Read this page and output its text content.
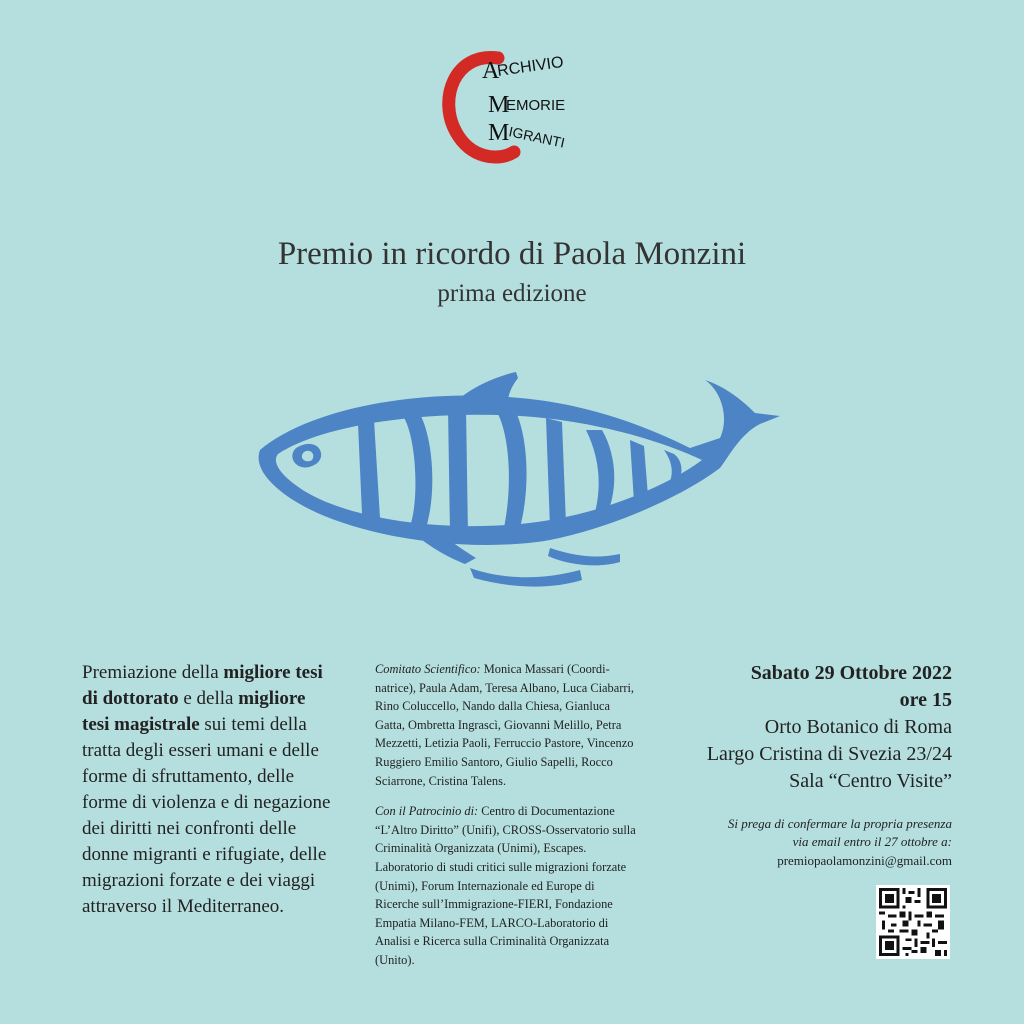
A
RCHIVIO
M
EMORIE
M
IGRANTI
Premio in ricordo di Paola Monzini
prima edizione
Premiazione della migliore tesi di dottorato e della migliore tesi magistrale sui temi della tratta degli esseri umani e delle forme di sfruttamento, delle forme di violenza e di negazione dei diritti nei confronti delle donne migranti e rifugiate, delle migrazioni forzate e dei viaggi attraverso il Mediterraneo.
Comitato Scientifico: Monica Massari (Coordi-natrice), Paula Adam, Teresa Albano, Luca Ciabarri, Rino Coluccello, Nando dalla Chiesa, Gianluca Gatta, Ombretta Ingrascì, Giovanni Melillo, Petra Mezzetti, Letizia Paoli, Ferruccio Pastore, Vincenzo Ruggiero Emilio Santoro, Giulio Sapelli, Rocco Sciarrone, Cristina Talens.
Con il Patrocinio di: Centro di Documentazione “L’Altro Diritto” (Unifi), CROSS-Osservatorio sulla Criminalità Organizzata (Unimi), Escapes. Laboratorio di studi critici sulle migrazioni forzate (Unimi), Forum Internazionale ed Europe di Ricerche sull’Immigrazione-FIERI, Fondazione Empatia Milano-FEM, LARCO-Laboratorio di Analisi e Ricerca sulla Criminalità Organizzata (Unito).
Sabato 29 Ottobre 2022
ore 15
Orto Botanico di Roma
Largo Cristina di Svezia 23/24
Sala “Centro Visite”
Si prega di confermare la propria presenza
via email entro il 27 ottobre a:
premiopaolamonzini@gmail.com
